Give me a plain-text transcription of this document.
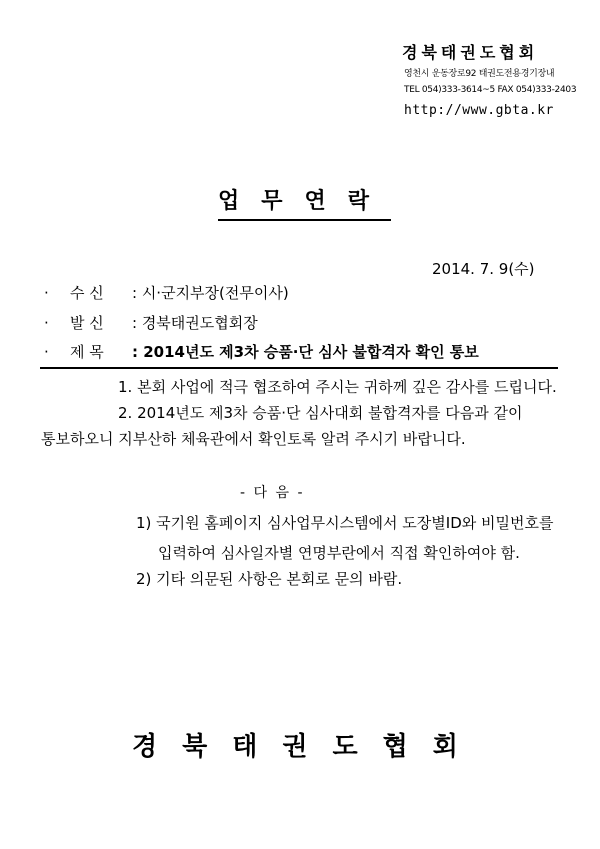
경북태권도협회
영천시 운동장로92 태권도전용경기장내
TEL 054)333-3614~5 FAX 054)333-2403
http://www.gbta.kr
업무연락
2014. 7. 9(수)
· 수 신 : 시·군지부장(전무이사)
· 발 신 : 경북태권도협회장
· 제 목 : 2014년도 제3차 승품·단 심사 불합격자 확인 통보
1. 본회 사업에 적극 협조하여 주시는 귀하께 깊은 감사를 드립니다.
2. 2014년도 제3차 승품·단 심사대회 불합격자를 다음과 같이
통보하오니 지부산하 체육관에서 확인토록 알려 주시기 바랍니다.
- 다 음 -
1) 국기원 홈페이지 심사업무시스템에서 도장별ID와 비밀번호를
입력하여 심사일자별 연명부란에서 직접 확인하여야 함.
2) 기타 의문된 사항은 본회로 문의 바람.
경북태권도협회
